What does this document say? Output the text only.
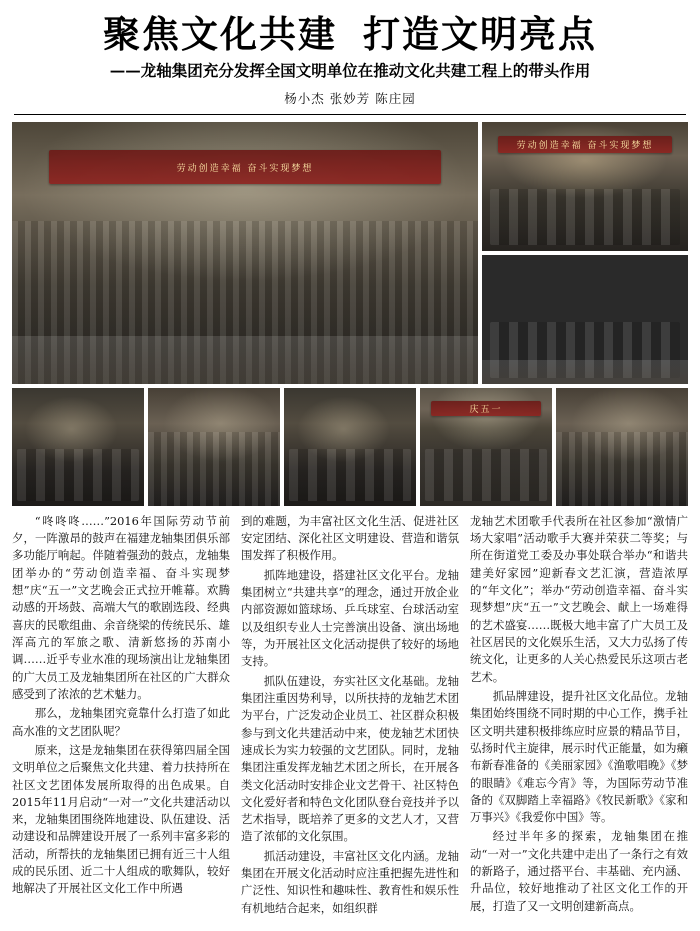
聚焦文化共建 打造文明亮点
——龙轴集团充分发挥全国文明单位在推动文化共建工程上的带头作用
杨小杰 张妙芳 陈庄园
劳动创造幸福 奋斗实现梦想
劳动创造幸福 奋斗实现梦想
庆五一

“咚咚咚……”2016年国际劳动节前夕，一阵激昂的鼓声在福建龙轴集团俱乐部多功能厅响起。伴随着强劲的鼓点，龙轴集团举办的“劳动创造幸福、奋斗实现梦想”庆“五一”文艺晚会正式拉开帷幕。欢腾动感的开场鼓、高端大气的歌剧选段、经典喜庆的民歌组曲、余音绕梁的传统民乐、雄浑高亢的军旅之歌、清新悠扬的苏南小调……近乎专业水准的现场演出让龙轴集团的广大员工及龙轴集团所在社区的广大群众感受到了浓浓的艺术魅力。

那么，龙轴集团究竟靠什么打造了如此高水准的文艺团队呢？

原来，这是龙轴集团在获得第四届全国文明单位之后聚焦文化共建、着力扶持所在社区文艺团体发展所取得的出色成果。自2015年11月启动“一对一”文化共建活动以来，龙轴集团围绕阵地建设、队伍建设、活动建设和品牌建设开展了一系列丰富多彩的活动，所帮扶的龙轴集团已拥有近三十人组成的民乐团、近二十人组成的歌舞队，较好地解决了开展社区文化工作中所遇

到的难题，为丰富社区文化生活、促进社区安定团结、深化社区文明建设、营造和谐氛围发挥了积极作用。

抓阵地建设，搭建社区文化平台。龙轴集团树立“共建共享”的理念，通过开放企业内部资源如篮球场、乒乓球室、台球活动室以及组织专业人士完善演出设备、演出场地等，为开展社区文化活动提供了较好的场地支持。

抓队伍建设，夯实社区文化基础。龙轴集团注重因势利导，以所扶持的龙轴艺术团为平台，广泛发动企业员工、社区群众积极参与到文化共建活动中来，使龙轴艺术团快速成长为实力较强的文艺团队。同时，龙轴集团注重发挥龙轴艺术团之所长，在开展各类文化活动时安排企业文艺骨干、社区特色文化爱好者和特色文化团队登台竞技并予以艺术指导，既培养了更多的文艺人才，又营造了浓郁的文化氛围。

抓活动建设，丰富社区文化内涵。龙轴集团在开展文化活动时应注重把握先进性和广泛性、知识性和趣味性、教育性和娱乐性有机地结合起来，如组织群

龙轴艺术团歌手代表所在社区参加“激情广场大家唱”活动歌手大赛并荣获二等奖；与所在街道党工委及办事处联合举办“和谐共建美好家园”迎新春文艺汇演，营造浓厚的“年文化”；举办“劳动创造幸福、奋斗实现梦想”庆“五一”文艺晚会、献上一场难得的艺术盛宴……既极大地丰富了广大员工及社区居民的文化娱乐生活，又大力弘扬了传统文化，让更多的人关心热爱民乐这项古老艺术。

抓品牌建设，提升社区文化品位。龙轴集团始终围绕不同时期的中心工作，携手社区文明共建积极排练应时应景的精品节目，弘扬时代主旋律，展示时代正能量，如为癞布新春准备的《美丽家园》《渔歌唱晚》《梦的眼睛》《难忘今宵》等，为国际劳动节准备的《双脚踏上幸福路》《牧民新歌》《家和万事兴》《我爱你中国》等。

经过半年多的探索，龙轴集团在推动“一对一”文化共建中走出了一条行之有效的新路子，通过搭平台、丰基础、充内涵、升品位，较好地推动了社区文化工作的开展，打造了又一文明创建新高点。
